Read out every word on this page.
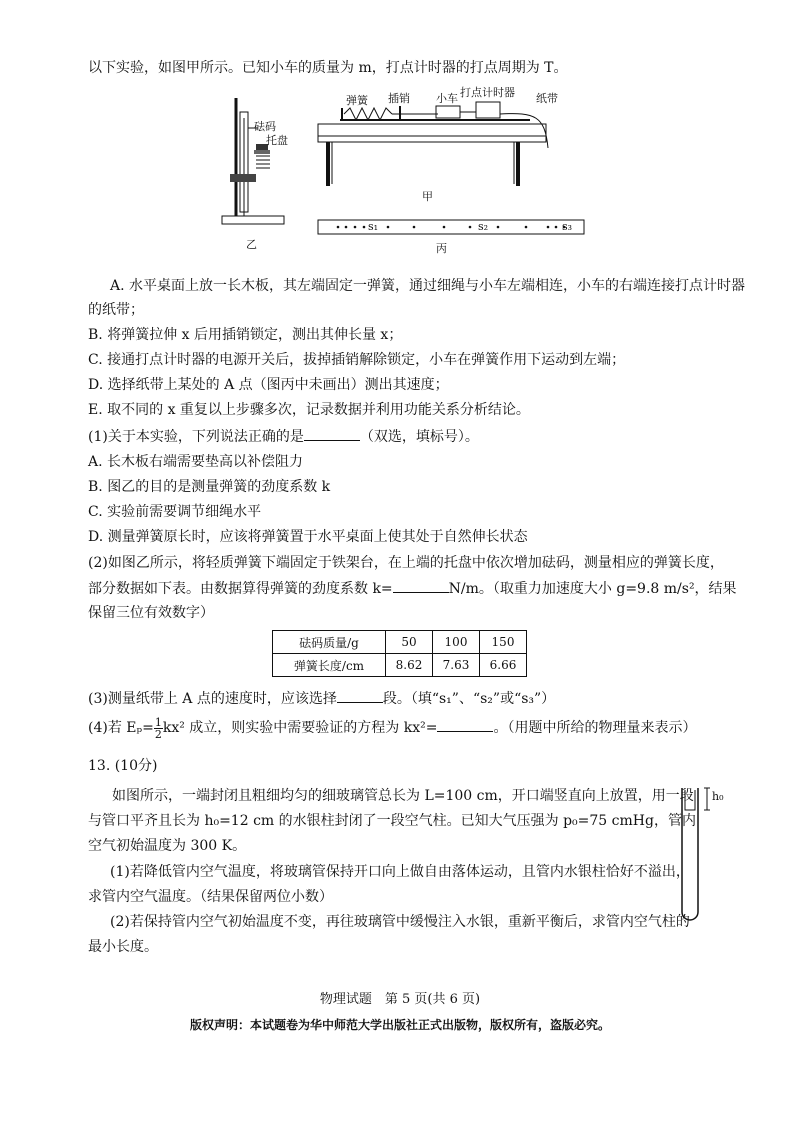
以下实验，如图甲所示。已知小车的质量为 m，打点计时器的打点周期为 T。
弹簧 插销 小车 打点计时器 纸带
砝码
托盘
甲
乙	丙
s₁	s₂	s₃
A. 水平桌面上放一长木板，其左端固定一弹簧，通过细绳与小车左端相连，小车的右端连接打点计时器
的纸带；
B. 将弹簧拉伸 x 后用插销锁定，测出其伸长量 x；
C. 接通打点计时器的电源开关后，拔掉插销解除锁定，小车在弹簧作用下运动到左端；
D. 选择纸带上某处的 A 点（图丙中未画出）测出其速度；
E. 取不同的 x 重复以上步骤多次，记录数据并利用功能关系分析结论。
(1)关于本实验，下列说法正确的是	（双选，填标号）。
A. 长木板右端需要垫高以补偿阻力
B. 图乙的目的是测量弹簧的劲度系数 k
C. 实验前需要调节细绳水平
D. 测量弹簧原长时，应该将弹簧置于水平桌面上使其处于自然伸长状态
(2)如图乙所示，将轻质弹簧下端固定于铁架台，在上端的托盘中依次增加砝码，测量相应的弹簧长度，
部分数据如下表。由数据算得弹簧的劲度系数 k=	N/m。（取重力加速度大小 g=9.8 m/s²，结果
保留三位有效数字）
砝码质量/g	50	100	150
弹簧长度/cm	8.62	7.63	6.66
(3)测量纸带上 A 点的速度时，应该选择	段。（填“s₁”、“s₂”或“s₃”）
(4)若 $E_p= \frac{1}{2} kx^2$ 成立，则实验中需要验证的方程为 kx²=	。（用题中所给的物理量来表示）
13. (10分)
如图所示，一端封闭且粗细均匀的细玻璃管总长为 L=100 cm，开口端竖直向上放置，用一段
与管口平齐且长为 h₀=12 cm 的水银柱封闭了一段空气柱。已知大气压强为 p₀=75 cmHg，管内
空气初始温度为 300 K。
(1)若降低管内空气温度，将玻璃管保持开口向上做自由落体运动，且管内水银柱恰好不溢出，
求管内空气温度。（结果保留两位小数）
(2)若保持管内空气初始温度不变，再往玻璃管中缓慢注入水银，重新平衡后，求管内空气柱的
最小长度。
h₀
物理试题　第 5 页(共 6 页)
版权声明：本试题卷为华中师范大学出版社正式出版物，版权所有，盗版必究。
